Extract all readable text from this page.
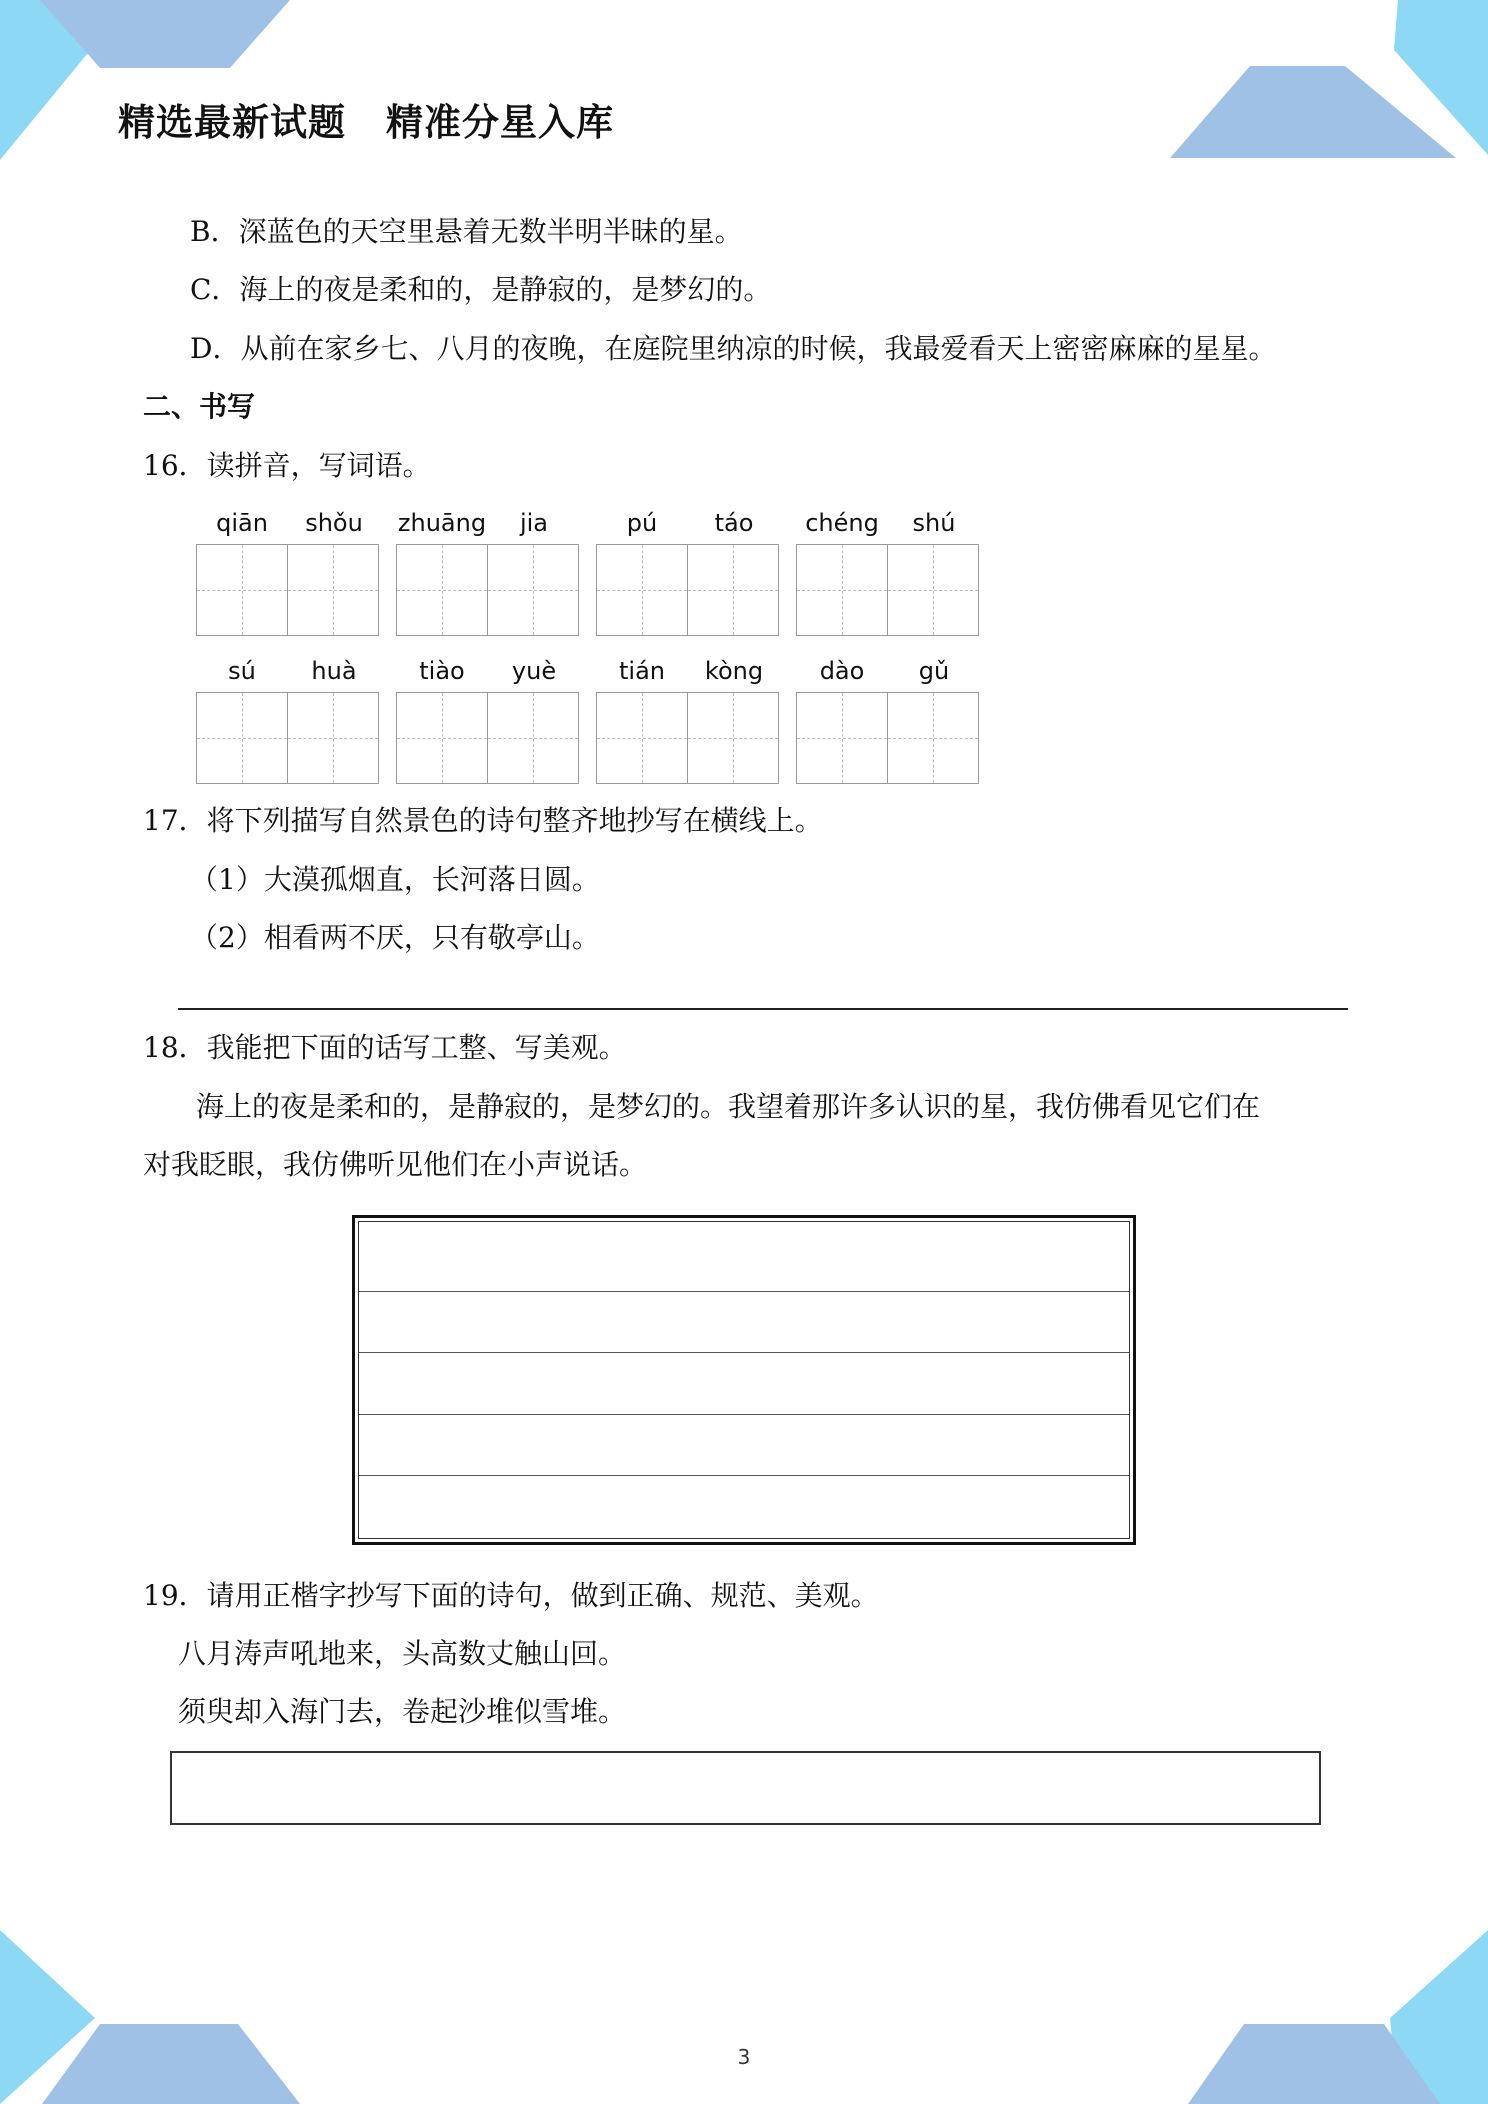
精选最新试题 精准分星入库
B．深蓝色的天空里悬着无数半明半昧的星。
C．海上的夜是柔和的，是静寂的，是梦幻的。
D．从前在家乡七、八月的夜晚，在庭院里纳凉的时候，我最爱看天上密密麻麻的星星。
二、书写
16．读拼音，写词语。
qiān	shǒu	zhuāng	jia	pú	táo	chéng	shú
sú	huà	tiào	yuè	tián	kòng	dào	gǔ
17．将下列描写自然景色的诗句整齐地抄写在横线上。
（1）大漠孤烟直，长河落日圆。
（2）相看两不厌，只有敬亭山。
18．我能把下面的话写工整、写美观。
海上的夜是柔和的，是静寂的，是梦幻的。我望着那许多认识的星，我仿佛看见它们在
对我眨眼，我仿佛听见他们在小声说话。
19．请用正楷字抄写下面的诗句，做到正确、规范、美观。
八月涛声吼地来，头高数丈触山回。
须臾却入海门去，卷起沙堆似雪堆。
3
